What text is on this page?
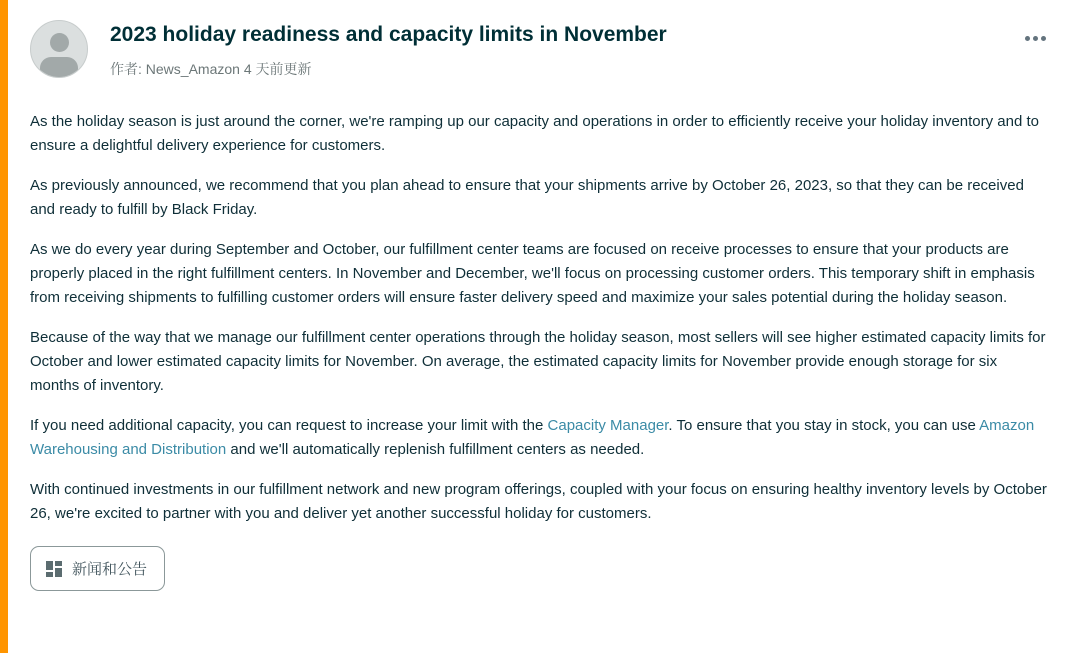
2023 holiday readiness and capacity limits in November
作者: News_Amazon 4 天前更新

As the holiday season is just around the corner, we're ramping up our capacity and operations in order to efficiently receive your holiday inventory and to ensure a delightful delivery experience for customers.

As previously announced, we recommend that you plan ahead to ensure that your shipments arrive by October 26, 2023, so that they can be received and ready to fulfill by Black Friday.

As we do every year during September and October, our fulfillment center teams are focused on receive processes to ensure that your products are properly placed in the right fulfillment centers. In November and December, we'll focus on processing customer orders. This temporary shift in emphasis from receiving shipments to fulfilling customer orders will ensure faster delivery speed and maximize your sales potential during the holiday season.

Because of the way that we manage our fulfillment center operations through the holiday season, most sellers will see higher estimated capacity limits for October and lower estimated capacity limits for November. On average, the estimated capacity limits for November provide enough storage for six months of inventory.

If you need additional capacity, you can request to increase your limit with the Capacity Manager. To ensure that you stay in stock, you can use Amazon Warehousing and Distribution and we'll automatically replenish fulfillment centers as needed.

With continued investments in our fulfillment network and new program offerings, coupled with your focus on ensuring healthy inventory levels by October 26, we're excited to partner with you and deliver yet another successful holiday for customers.

新闻和公告
